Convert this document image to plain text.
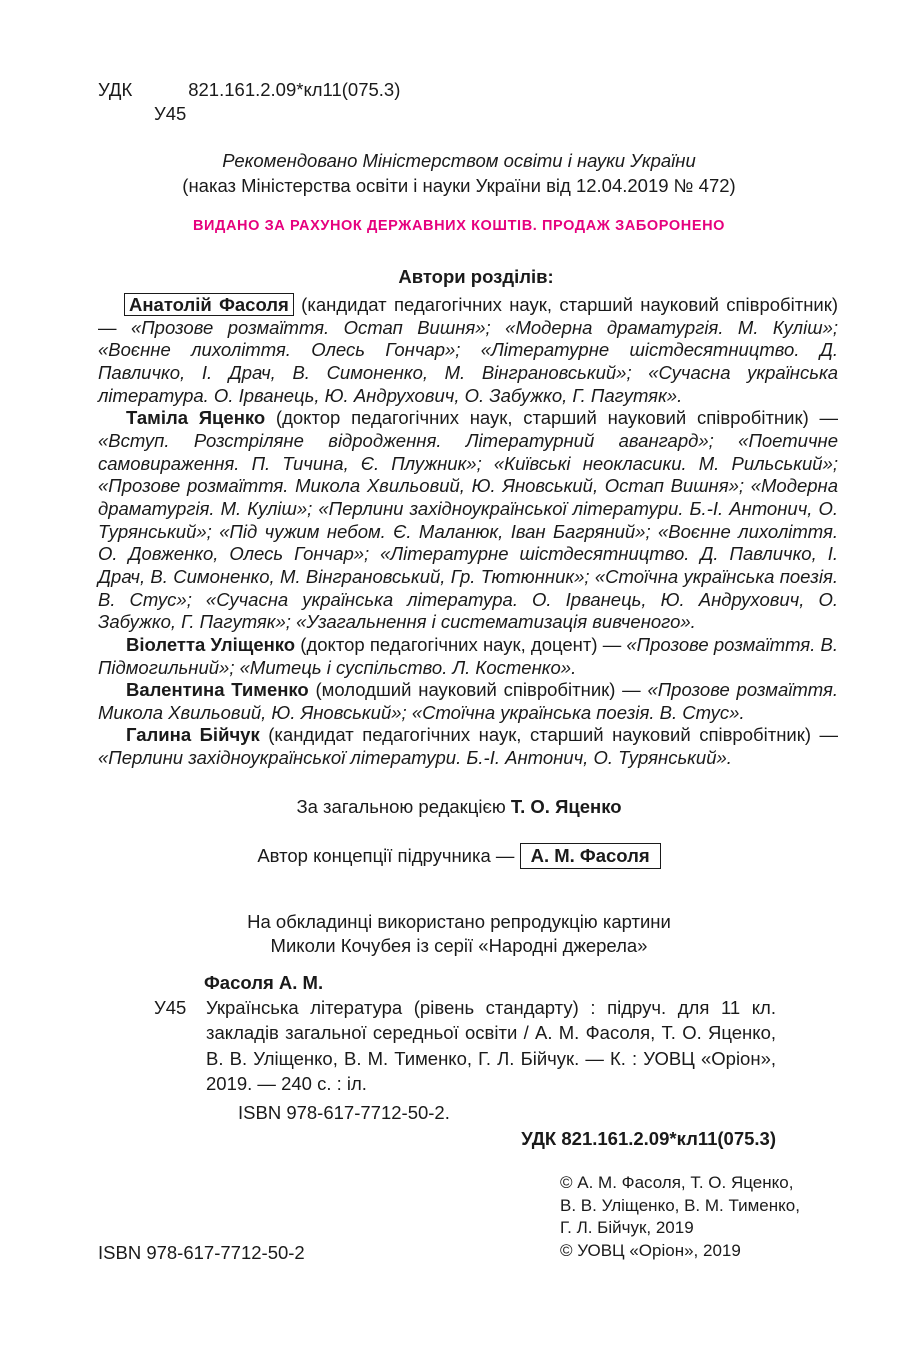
УДК	821.161.2.09*кл11(075.3)
У45
Рекомендовано Міністерством освіти і науки України
(наказ Міністерства освіти і науки України від 12.04.2019 № 472)
ВИДАНО ЗА РАХУНОК ДЕРЖАВНИХ КОШТІВ. ПРОДАЖ ЗАБОРОНЕНО
Автори розділів:

Анатолій Фасоля (кандидат педагогічних наук, старший науковий співробітник) — «Прозове розмаїття. Остап Вишня»; «Модерна драматургія. М. Куліш»; «Воєнне лихоліття. Олесь Гончар»; «Літературне шістдесятництво. Д. Павличко, І. Драч, В. Симоненко, М. Вінграновський»; «Сучасна українська література. О. Ірванець, Ю. Андрухович, О. Забужко, Г. Пагутяк».

Таміла Яценко (доктор педагогічних наук, старший науковий співробітник) — «Вступ. Розстріляне відродження. Літературний авангард»; «Поетичне самовираження. П. Тичина, Є. Плужник»; «Київські неокласики. М. Рильський»; «Прозове розмаїття. Микола Хвильовий, Ю. Яновський, Остап Вишня»; «Модерна драматургія. М. Куліш»; «Перлини західноукраїнської літератури. Б.-І. Антонич, О. Турянський»; «Під чужим небом. Є. Маланюк, Іван Багряний»; «Воєнне лихоліття. О. Довженко, Олесь Гончар»; «Літературне шістдесятництво. Д. Павличко, І. Драч, В. Симоненко, М. Вінграновський, Гр. Тютюнник»; «Стоїчна українська поезія. В. Стус»; «Сучасна українська література. О. Ірванець, Ю. Андрухович, О. Забужко, Г. Пагутяк»; «Узагальнення і систематизація вивченого».

Віолетта Уліщенко (доктор педагогічних наук, доцент) — «Прозове розмаїття. В. Підмогильний»; «Митець і суспільство. Л. Костенко».

Валентина Тименко (молодший науковий співробітник) — «Прозове розмаїття. Микола Хвильовий, Ю. Яновський»; «Стоїчна українська поезія. В. Стус».

Галина Бійчук (кандидат педагогічних наук, старший науковий співробітник) — «Перлини західноукраїнської літератури. Б.-І. Антонич, О. Турянський».

За загальною редакцією Т. О. Яценко
Автор концепції підручника — А. М. Фасоля
На обкладинці використано репродукцію картини
Миколи Кочубея із серії «Народні джерела»
Фасоля А. М.
У45	Українська література (рівень стандарту) : підруч. для 11 кл. закладів загальної середньої освіти / А. М. Фасоля, Т. О. Яценко, В. В. Уліщенко, В. М. Тименко, Г. Л. Бійчук. — К. : УОВЦ «Оріон», 2019. — 240 с. : іл.
ISBN 978-617-7712-50-2.
УДК 821.161.2.09*кл11(075.3)
© А. М. Фасоля, Т. О. Яценко,
В. В. Уліщенко, В. М. Тименко,
Г. Л. Бійчук, 2019
© УОВЦ «Оріон», 2019
ISBN 978-617-7712-50-2
